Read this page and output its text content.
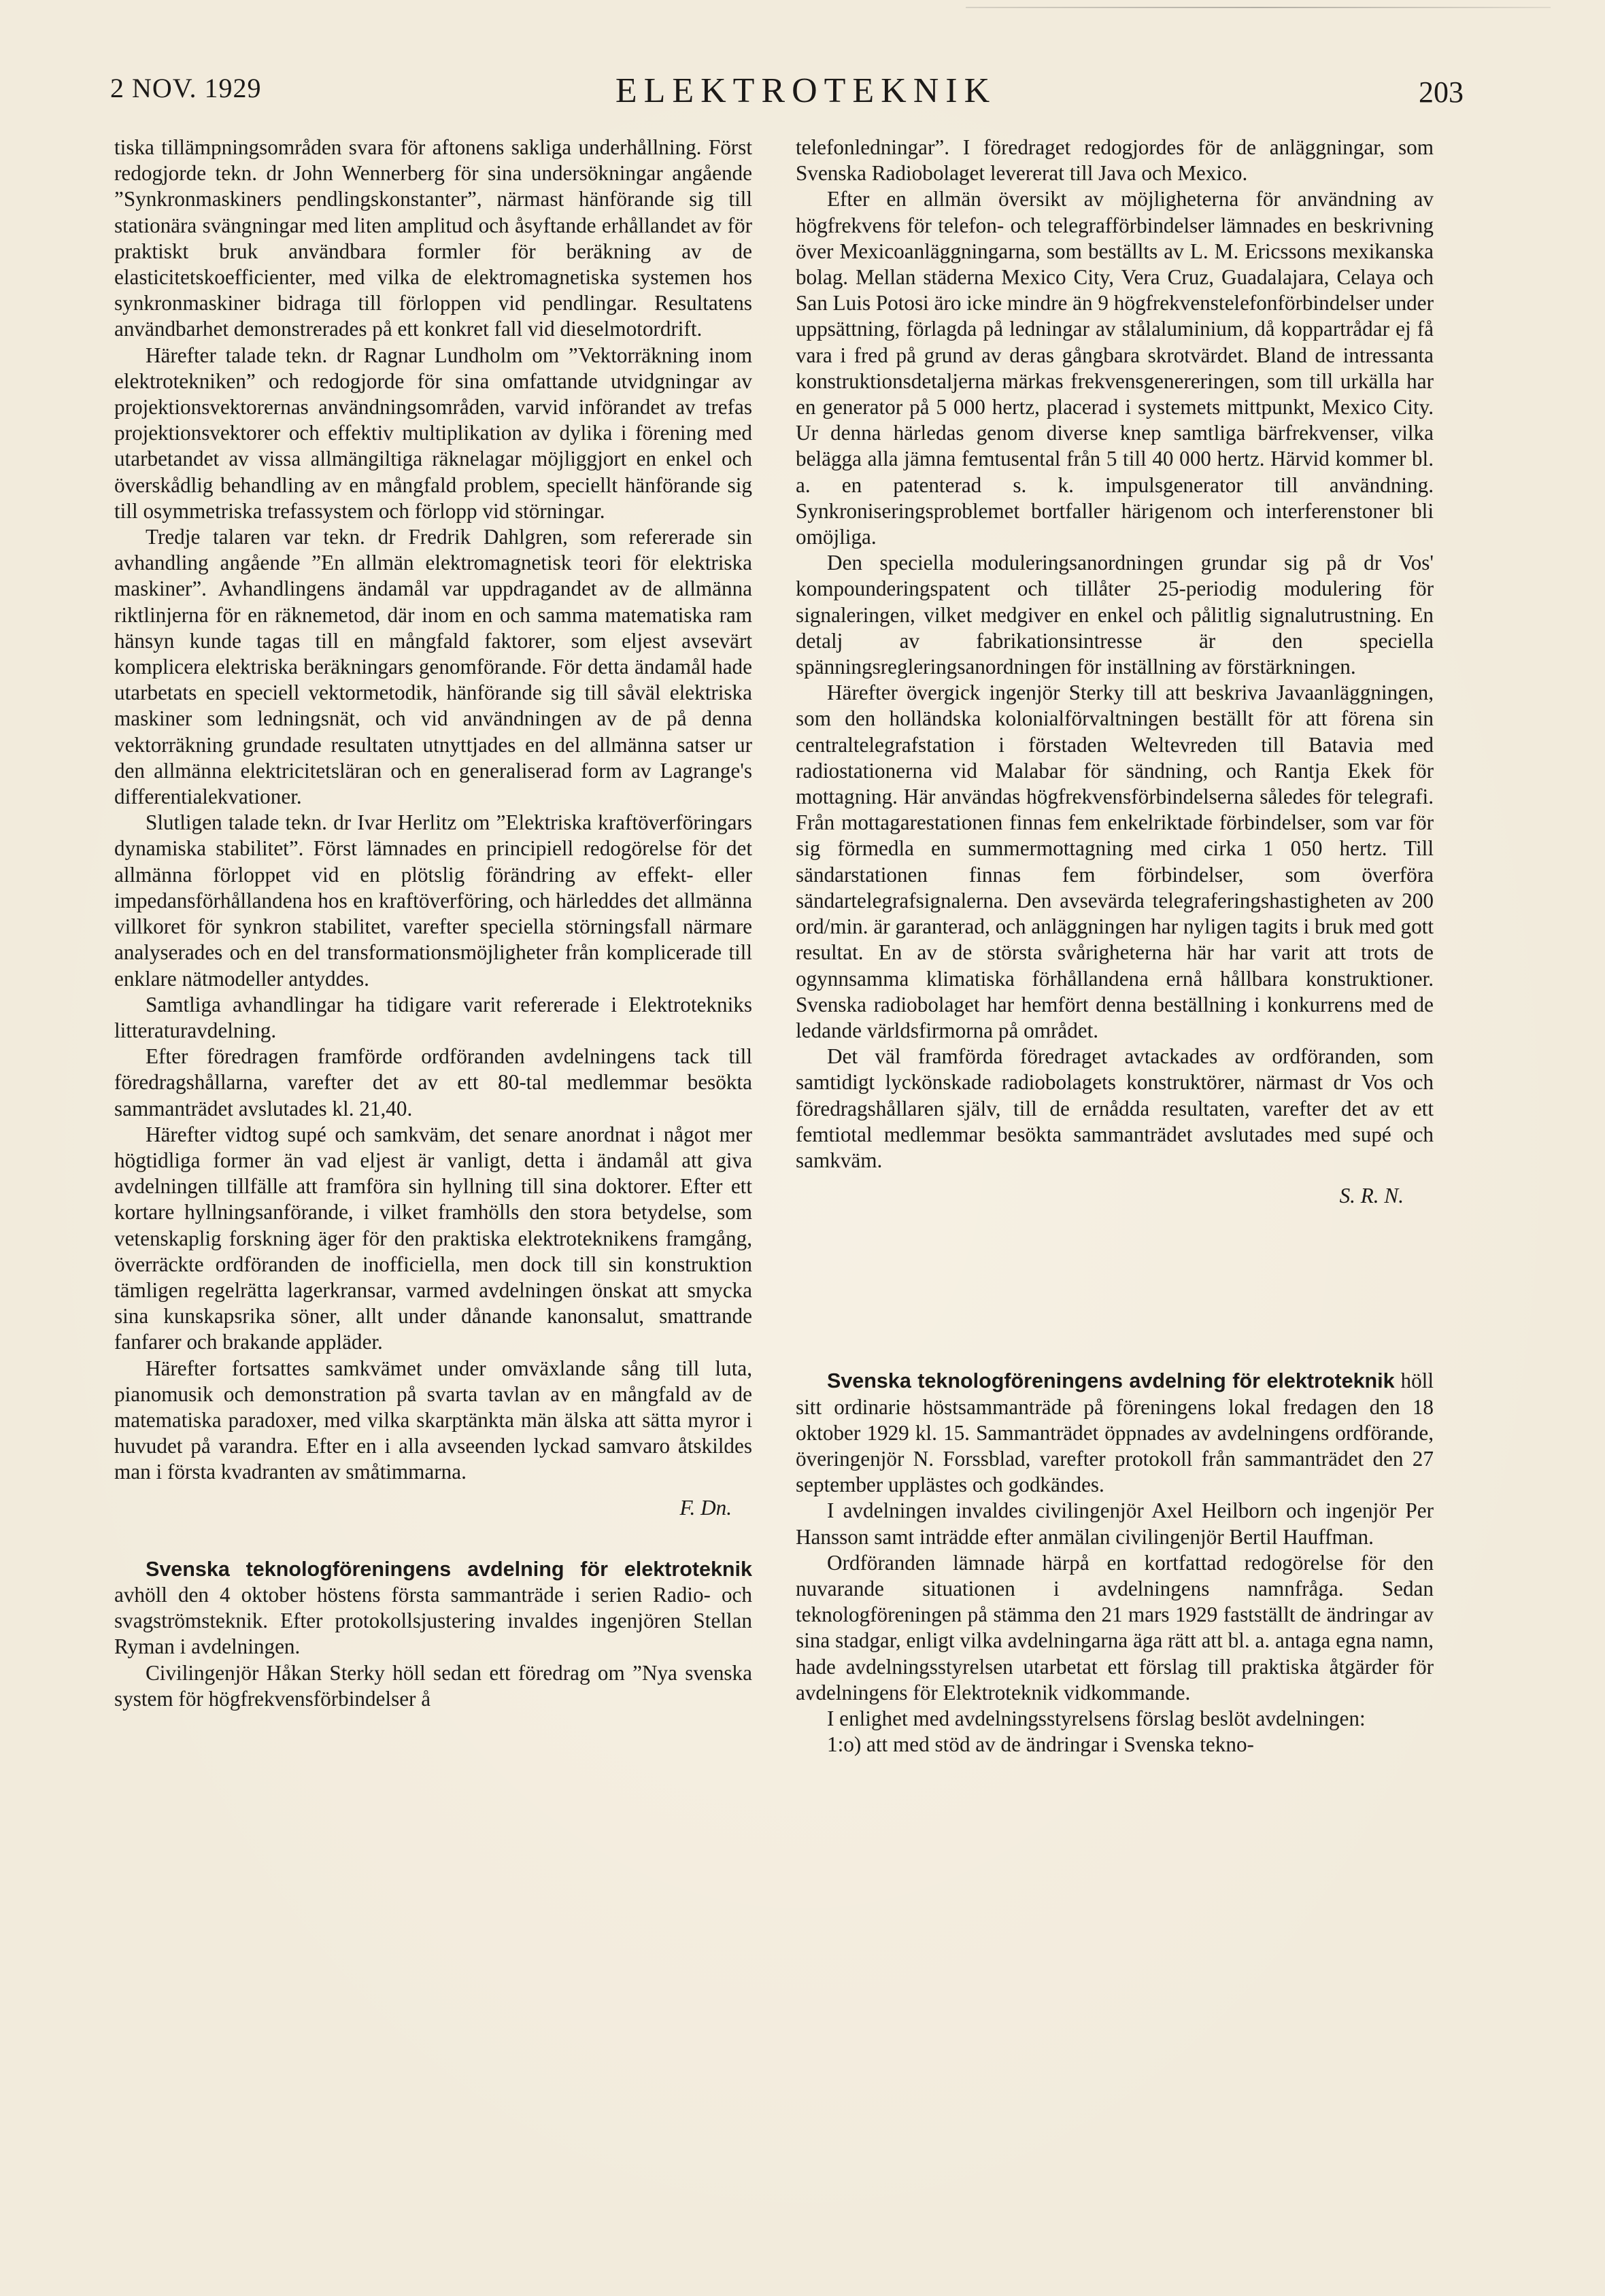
2 NOV. 1929	ELEKTROTEKNIK	203

tiska tillämpningsområden svara för aftonens sakliga underhållning. Först redogjorde tekn. dr John Wennerberg för sina undersökningar angående ”Synkronmaskiners pendlingskonstanter”, närmast hänförande sig till stationära svängningar med liten amplitud och åsyftande erhållandet av för praktiskt bruk användbara formler för beräkning av de elasticitetskoefficienter, med vilka de elektromagnetiska systemen hos synkronmaskiner bidraga till förloppen vid pendlingar. Resultatens användbarhet demonstrerades på ett konkret fall vid dieselmotordrift.

Härefter talade tekn. dr Ragnar Lundholm om ”Vektorräkning inom elektrotekniken” och redogjorde för sina omfattande utvidgningar av projektionsvektorernas användningsområden, varvid införandet av trefas projektionsvektorer och effektiv multiplikation av dylika i förening med utarbetandet av vissa allmängiltiga räknelagar möjliggjort en enkel och överskådlig behandling av en mångfald problem, speciellt hänförande sig till osymmetriska trefassystem och förlopp vid störningar.

Tredje talaren var tekn. dr Fredrik Dahlgren, som refererade sin avhandling angående ”En allmän elektromagnetisk teori för elektriska maskiner”. Avhandlingens ändamål var uppdragandet av de allmänna riktlinjerna för en räknemetod, där inom en och samma matematiska ram hänsyn kunde tagas till en mångfald faktorer, som eljest avsevärt komplicera elektriska beräkningars genomförande. För detta ändamål hade utarbetats en speciell vektormetodik, hänförande sig till såväl elektriska maskiner som ledningsnät, och vid användningen av de på denna vektorräkning grundade resultaten utnyttjades en del allmänna satser ur den allmänna elektricitetsläran och en generaliserad form av Lagrange's differentialekvationer.

Slutligen talade tekn. dr Ivar Herlitz om ”Elektriska kraftöverföringars dynamiska stabilitet”. Först lämnades en principiell redogörelse för det allmänna förloppet vid en plötslig förändring av effekt- eller impedansförhållandena hos en kraftöverföring, och härleddes det allmänna villkoret för synkron stabilitet, varefter speciella störningsfall närmare analyserades och en del transformationsmöjligheter från komplicerade till enklare nätmodeller antyddes.

Samtliga avhandlingar ha tidigare varit refererade i Elektrotekniks litteraturavdelning.

Efter föredragen framförde ordföranden avdelningens tack till föredragshållarna, varefter det av ett 80-tal medlemmar besökta sammanträdet avslutades kl. 21,40.

Härefter vidtog supé och samkväm, det senare anordnat i något mer högtidliga former än vad eljest är vanligt, detta i ändamål att giva avdelningen tillfälle att framföra sin hyllning till sina doktorer. Efter ett kortare hyllningsanförande, i vilket framhölls den stora betydelse, som vetenskaplig forskning äger för den praktiska elektroteknikens framgång, överräckte ordföranden de inofficiella, men dock till sin konstruktion tämligen regelrätta lagerkransar, varmed avdelningen önskat att smycka sina kunskapsrika söner, allt under dånande kanonsalut, smattrande fanfarer och brakande appläder.

Härefter fortsattes samkvämet under omväxlande sång till luta, pianomusik och demonstration på svarta tavlan av en mångfald av de matematiska paradoxer, med vilka skarptänkta män älska att sätta myror i huvudet på varandra. Efter en i alla avseenden lyckad samvaro åtskildes man i första kvadranten av småtimmarna.

F. Dn.

Svenska teknologföreningens avdelning för elektroteknik avhöll den 4 oktober höstens första sammanträde i serien Radio- och svagströmsteknik. Efter protokollsjustering invaldes ingenjören Stellan Ryman i avdelningen.

Civilingenjör Håkan Sterky höll sedan ett föredrag om ”Nya svenska system för högfrekvensförbindelser å

telefonledningar”. I föredraget redogjordes för de anläggningar, som Svenska Radiobolaget levererat till Java och Mexico.

Efter en allmän översikt av möjligheterna för användning av högfrekvens för telefon- och telegrafförbindelser lämnades en beskrivning över Mexicoanläggningarna, som beställts av L. M. Ericssons mexikanska bolag. Mellan städerna Mexico City, Vera Cruz, Guadalajara, Celaya och San Luis Potosi äro icke mindre än 9 högfrekvenstelefonförbindelser under uppsättning, förlagda på ledningar av stålaluminium, då koppartrådar ej få vara i fred på grund av deras gångbara skrotvärdet. Bland de intressanta konstruktionsdetaljerna märkas frekvensgenereringen, som till urkälla har en generator på 5 000 hertz, placerad i systemets mittpunkt, Mexico City. Ur denna härledas genom diverse knep samtliga bärfrekvenser, vilka belägga alla jämna femtusental från 5 till 40 000 hertz. Härvid kommer bl. a. en patenterad s. k. impulsgenerator till användning. Synkroniseringsproblemet bortfaller härigenom och interferenstoner bli omöjliga.

Den speciella moduleringsanordningen grundar sig på dr Vos' kompounderingspatent och tillåter 25-periodig modulering för signaleringen, vilket medgiver en enkel och pålitlig signalutrustning. En detalj av fabrikationsintresse är den speciella spänningsregleringsanordningen för inställning av förstärkningen.

Härefter övergick ingenjör Sterky till att beskriva Javaanläggningen, som den holländska kolonialförvaltningen beställt för att förena sin centraltelegrafstation i förstaden Weltevreden till Batavia med radiostationerna vid Malabar för sändning, och Rantja Ekek för mottagning. Här användas högfrekvensförbindelserna således för telegrafi. Från mottagarestationen finnas fem enkelriktade förbindelser, som var för sig förmedla en summermottagning med cirka 1 050 hertz. Till sändarstationen finnas fem förbindelser, som överföra sändartelegrafsignalerna. Den avsevärda telegraferingshastigheten av 200 ord/min. är garanterad, och anläggningen har nyligen tagits i bruk med gott resultat. En av de största svårigheterna här har varit att trots de ogynnsamma klimatiska förhållandena ernå hållbara konstruktioner. Svenska radiobolaget har hemfört denna beställning i konkurrens med de ledande världsfirmorna på området.

Det väl framförda föredraget avtackades av ordföranden, som samtidigt lyckönskade radiobolagets konstruktörer, närmast dr Vos och föredragshållaren själv, till de ernådda resultaten, varefter det av ett femtiotal medlemmar besökta sammanträdet avslutades med supé och samkväm.

S. R. N.

Svenska teknologföreningens avdelning för elektroteknik höll sitt ordinarie höstsammanträde på föreningens lokal fredagen den 18 oktober 1929 kl. 15. Sammanträdet öppnades av avdelningens ordförande, överingenjör N. Forssblad, varefter protokoll från sammanträdet den 27 september upplästes och godkändes.

I avdelningen invaldes civilingenjör Axel Heilborn och ingenjör Per Hansson samt inträdde efter anmälan civilingenjör Bertil Hauffman.

Ordföranden lämnade härpå en kortfattad redogörelse för den nuvarande situationen i avdelningens namnfråga. Sedan teknologföreningen på stämma den 21 mars 1929 fastställt de ändringar av sina stadgar, enligt vilka avdelningarna äga rätt att bl. a. antaga egna namn, hade avdelningsstyrelsen utarbetat ett förslag till praktiska åtgärder för avdelningens för Elektroteknik vidkommande.

I enlighet med avdelningsstyrelsens förslag beslöt avdelningen:

1:o) att med stöd av de ändringar i Svenska tekno-
